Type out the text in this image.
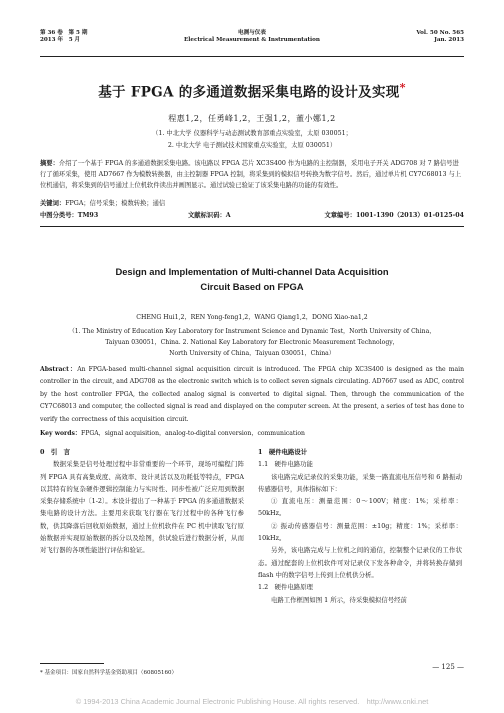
第 36 卷　第 5 期
2013 年　5 月
电测与仪表
Electrical Measurement & Instrumentation
Vol. 50 No. 565
Jan. 2013
基于 FPGA 的多通道数据采集电路的设计及实现*
程惠1,2，任勇峰1,2，王强1,2，董小娜1,2
（1. 中北大学 仪器科学与动态测试教育部重点实验室，太原 030051；
2. 中北大学 电子测试技术国家重点实验室，太原 030051）
摘要：介绍了一个基于 FPGA 的多通道数据采集电路。该电路以 FPGA 芯片 XC3S400 作为电路的主控制器，采用电子开关 ADG708 对 7 路信号进行了循环采集，使用 AD7667 作为模数转换器，由主控制器 FPGA 控制，将采集到的模拟信号转换为数字信号。然后，通过单片机 CY7C68013 与上位机通信，将采集到的信号通过上位机软件读出并画图显示。通过试验已验证了该采集电路的功能的有效性。
关键词：FPGA；信号采集；模数转换；通信
中图分类号：TM93	文献标识码：A	文章编号：1001-1390（2013）01-0125-04
Design and Implementation of Multi-channel Data Acquisition
Circuit Based on FPGA
CHENG Hui1,2，REN Yong-feng1,2，WANG Qiang1,2，DONG Xiao-na1,2
（1. The Ministry of Education Key Laboratory for Instrument Science and Dynamic Test，North University of China，
Taiyuan 030051，China. 2. National Key Laboratory for Electronic Measurement Technology，
North University of China，Taiyuan 030051，China）
Abstract：An FPGA-based multi-channel signal acquisition circuit is introduced. The FPGA chip XC3S400 is designed as the main controller in the circuit, and ADG708 as the electronic switch which is to collect seven signals circulating. AD7667 used as ADC, control by the host controller FPGA, the collected analog signal is converted to digital signal. Then, through the communication of the CY7C68013 and computer, the collected signal is read and displayed on the computer screen. At the present, a series of test has done to verify the correctness of this acquisition circuit.
Key words：FPGA，signal acquisition，analog-to-digital conversion，communication
0　引　言

数据采集是信号处理过程中非常重要的一个环节，现场可编程门阵列 FPGA 具有高集成度、高效率、设计灵活以及功耗低等特点，FPGA 以其特有的复杂硬件逻辑控制能力与实时性、同步性被广泛应用到数据采集存储系统中〔1-2〕。本设计提出了一种基于 FPGA 的多通道数据采集电路的设计方法。主要用来获取飞行器在飞行过程中的各种飞行参数，供其降落后回收原始数据，通过上位机软件在 PC 机中读取飞行原始数据并实现原始数据的拆分以及绘图，供试验后进行数据分析，从而对飞行器的各项性能进行评估和验证。

1　硬件电路设计
1.1　硬件电路功能

该电路完成记录仪的采集功能，采集一路直流电压信号和 6 路振动传感器信号，具体指标如下：

① 直流电压：测量范围：0～100V；精度：1%；采样率：50kHz。

② 振动传感器信号：测量范围：±10g；精度：1%；采样率：10kHz。

另外，该电路完成与上位机之间的通信，控制整个记录仪的工作状态。通过配套的上位机软件可对记录仪下发各种命令，并将转换存储到 flash 中的数字信号上传到上位机供分析。

1.2　硬件电路原理

电路工作框图如图 1 所示，待采集模拟信号经前

* 基金项目：国家自然科学基金资助项目（60805160）
— 125 —
© 1994-2013 China Academic Journal Electronic Publishing House. All rights reserved.　http://www.cnki.net
